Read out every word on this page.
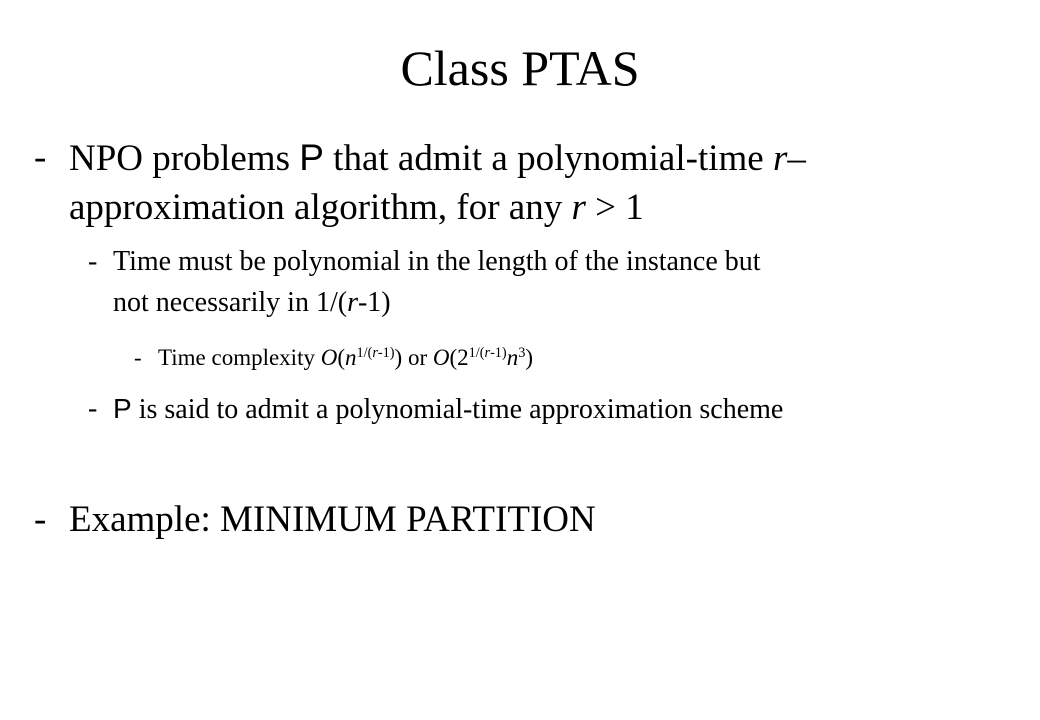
Class PTAS
- NPO problems P that admit a polynomial-time r–
approximation algorithm, for any r > 1
- Time must be polynomial in the length of the instance but
not necessarily in 1/(r-1)
- Time complexity $O(n^{1/(r-1)})$ or $O(2^{1/(r-1)}n^3)$
- P is said to admit a polynomial-time approximation scheme
- Example: MINIMUM PARTITION
